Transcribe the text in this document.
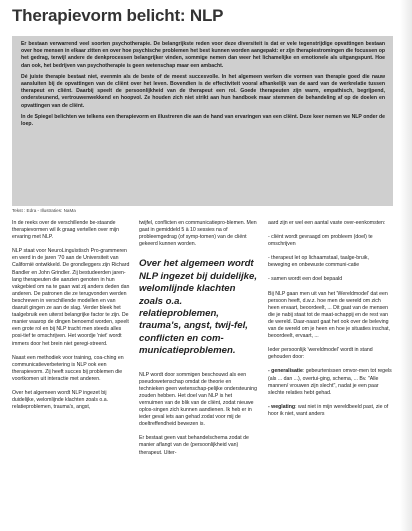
Therapievorm belicht: NLP

Er bestaan verwarrend veel soorten psychotherapie. De belangrijkste reden voor deze diversiteit is dat er vele tegenstrijdige opvattingen bestaan over hoe mensen in elkaar zitten en over hoe psychische problemen het best kunnen worden aangepakt: er zijn therapiestromingen die focussen op het gedrag, terwijl andere de denkprocessen belangrijker vinden, sommige nemen dan weer het lichamelijke en emotionele als uitgangspunt. Hoe dan ook, het bedrijven van psychotherapie is geen wetenschap maar een ambacht.

Dé juiste therapie bestaat niet, evenmin als de beste of de meest succesvolle. In het algemeen werken die vormen van therapie goed die nauw aansluiten bij de opvattingen van de cliënt over het leven. Bovendien is de effectiviteit vooral afhankelijk van de aard van de werkrelatie tussen therapeut en cliënt. Daarbij speelt de persoonlijkheid van de therapeut een rol. Goede therapeuten zijn warm, empathisch, begrijpend, ondersteunend, vertrouwenwekkend en hoopvol. Ze houden zich niet strikt aan hun handboek maar stemmen de behandeling af op de doelen en opvattingen van de cliënt.

In de Spiegel belichten we telkens een therapievorm en illustreren die aan de hand van ervaringen van een cliënt. Deze keer nemen we NLP onder de loep.

Tekst : Edra - Illustraties: NaMa

In de reeks over de verschillende be-staande therapievormen wil ik graag vertellen over mijn ervaring met NLP.

NLP staat voor NeuroLinguïstisch Pro-grammeren en werd in de jaren '70 aan de Universiteit van Californië ontwikkeld. De grondleggers zijn Richard Bandler en John Grindler. Zij bestudeerden jaren-lang therapeuten die aanzien genoten in hun vakgebied om na te gaan wat zij anders deden dan anderen. De patronen die ze terugvonden werden beschreven in verschillende modellen en van daaruit gingen ze aan de slag. Verder bleek het taalgebruik een uiterst belangrijke factor te zijn. De manier waarop de dingen benoemd worden, speelt een grote rol en bij NLP tracht men steeds alles posi-tief te omschrijven. Het woordje 'niet' wordt immers door het brein niet geregi-streerd.

Naast een methodiek voor training, coa-ching en communicatieverbetering is NLP ook een therapievorm. Zij heeft succes bij problemen die voortkomen uit interactie met anderen.

Over het algemeen wordt NLP ingezet bij duidelijke, welomlijnde klachten zoals o.a. relatieproblemen, trauma's, angst,

twijfel, conflicten en communicatiepro-blemen. Men gaat in gemiddeld 5 à 10 sessies na of probleemgedrag (of symp-tomen) van de cliënt gekeerd kunnen worden.

Over het algemeen wordt NLP ingezet bij duidelijke, welomlijnde klachten zoals o.a. relatieproblemen, trauma's, angst, twij-fel, conflicten en com-municatieproblemen.

NLP wordt door sommigen beschouwd als een pseudowetenschap omdat de theorie en technieken geen wetenschap-pelijke ondersteuning zouden hebben. Het doel van NLP is het vernuimen van de blik van de cliënt, zodat nieuwe oplos-singen zich kunnen aandienen. Ik heb er in ieder geval iets aan gehad zodat voor mij de doeltreffendheid bewezen is.

Er bestaat geen vast behandelschema zodat de manier aflangt van de (persoonlijkheid van) therapeut. Uiter-

aard zijn er wel een aantal vaste over-eenkomsten:

- cliënt wordt gevraagd om probleem (doel) te omschrijven

- therapeut let op lichaamstaal, taalge-bruik, beweging en onbewuste communi-catie

- samen wordt een doel bepaald

Bij NLP gaan men uit van het 'Wereldmodel' dat een persoon heeft, d.w.z. hoe men de wereld om zich heen ervaart, beoordeelt, ... Dit gaat van de mensen die je nabij staat tot de maat-schappij en de rest van de wereld. Daar-naast gaat het ook over de beleving van de wereld om je heen en hoe je situaties inschat, beoordeelt, ervaart, ...

Ieder persoonlijk 'wereldmodel' wordt in stand gehouden door:

- generalisatie: gebeurtenissen omvor-men tot regels (als ... dan ...), overtui-ging, schema, ... Bv. "Alle mannen/ vrouwen zijn slecht", nadat je een paar slechte relaties hebt gehad.

- weglating: wat niet in mijn wereldbeeld past, zie of hoor ik niet, want anders
